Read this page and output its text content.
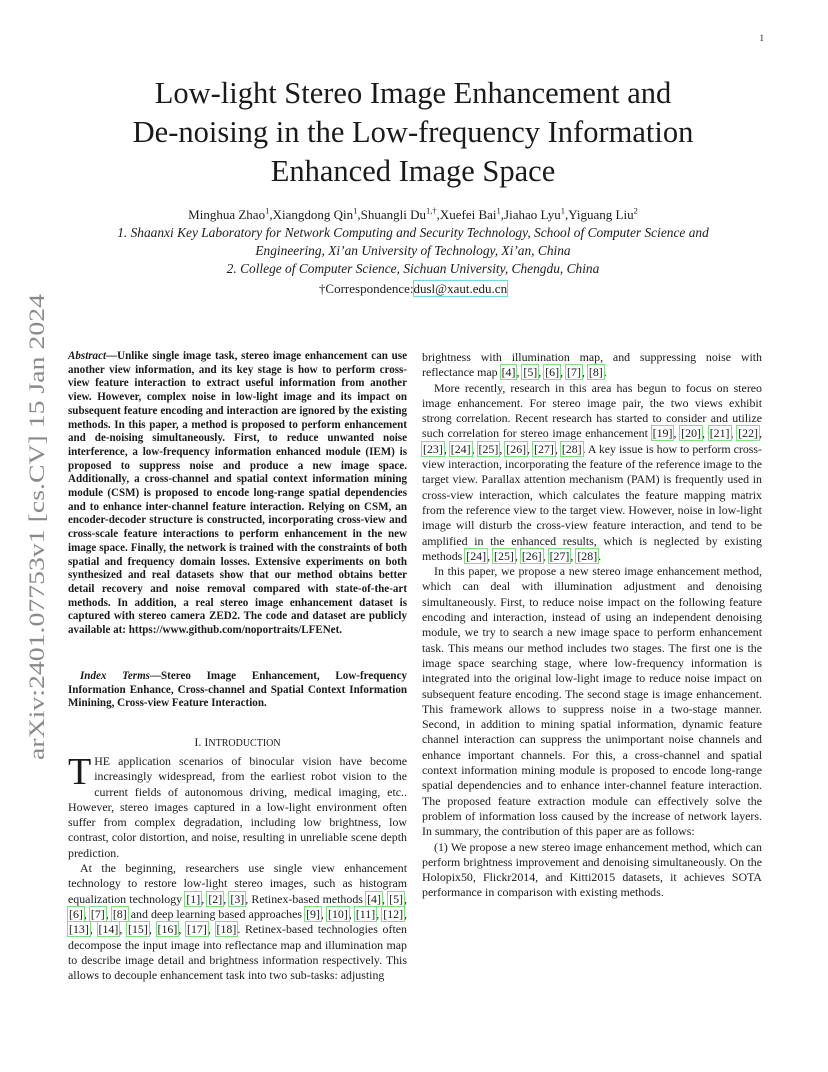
1
arXiv:2401.07753v1 [cs.CV] 15 Jan 2024
Low-light Stereo Image Enhancement and
De-noising in the Low-frequency Information
Enhanced Image Space
Minghua Zhao$^1$,Xiangdong Qin$^1$,Shuangli $Du^{1,\dagger},Xuefei$ Bai$^1$,Jiahao Lyu$^1$,Yiguang Liu$^2$
1. Shaanxi Key Laboratory for Network Computing and Security Technology, School of Computer Science and
Engineering, Xi’an University of Technology, Xi’an, China
2. College of Computer Science, Sichuan University, Chengdu, China
†Correspondence:dusl@xaut.edu.cn

Abstract—Unlike single image task, stereo image enhancement can use another view information, and its key stage is how to perform cross-view feature interaction to extract useful information from another view. However, complex noise in low-light image and its impact on subsequent feature encoding and interaction are ignored by the existing methods. In this paper, a method is proposed to perform enhancement and de-noising simultaneously. First, to reduce unwanted noise interference, a low-frequency information enhanced module (IEM) is proposed to suppress noise and produce a new image space. Additionally, a cross-channel and spatial context information mining module (CSM) is proposed to encode long-range spatial dependencies and to enhance inter-channel feature interaction. Relying on CSM, an encoder-decoder structure is constructed, incorporating cross-view and cross-scale feature interactions to perform enhancement in the new image space. Finally, the network is trained with the constraints of both spatial and frequency domain losses. Extensive experiments on both synthesized and real datasets show that our method obtains better detail recovery and noise removal compared with state-of-the-art methods. In addition, a real stereo image enhancement dataset is captured with stereo camera ZED2. The code and dataset are publicly available at: https://www.github.com/noportraits/LFENet.

Index Terms—Stereo Image Enhancement, Low-frequency Information Enhance, Cross-channel and Spatial Context Information Minining, Cross-view Feature Interaction.

I. INTRODUCTION

THE application scenarios of binocular vision have become increasingly widespread, from the earliest robot vision to the current fields of autonomous driving, medical imaging, etc.. However, stereo images captured in a low-light environment often suffer from complex degradation, including low brightness, low contrast, color distortion, and noise, resulting in unreliable scene depth prediction.

At the beginning, researchers use single view enhancement technology to restore low-light stereo images, such as histogram equalization technology [1], [2], [3], Retinex-based methods [4], [5], [6], [7], [8] and deep learning based approaches [9], [10], [11], [12], [13], [14], [15], [16], [17], [18]. Retinex-based technologies often decompose the input image into reflectance map and illumination map to describe image detail and brightness information respectively. This allows to decouple enhancement task into two sub-tasks: adjusting

brightness with illumination map, and suppressing noise with reflectance map [4], [5], [6], [7], [8].

More recently, research in this area has begun to focus on stereo image enhancement. For stereo image pair, the two views exhibit strong correlation. Recent research has started to consider and utilize such correlation for stereo image enhancement [19], [20], [21], [22], [23], [24], [25], [26], [27], [28]. A key issue is how to perform cross-view interaction, incorporating the feature of the reference image to the target view. Parallax attention mechanism (PAM) is frequently used in cross-view interaction, which calculates the feature mapping matrix from the reference view to the target view. However, noise in low-light image will disturb the cross-view feature interaction, and tend to be amplified in the enhanced results, which is neglected by existing methods [24], [25], [26], [27], [28].

In this paper, we propose a new stereo image enhancement method, which can deal with illumination adjustment and denoising simultaneously. First, to reduce noise impact on the following feature encoding and interaction, instead of using an independent denoising module, we try to search a new image space to perform enhancement task. This means our method includes two stages. The first one is the image space searching stage, where low-frequency information is integrated into the original low-light image to reduce noise impact on subsequent feature encoding. The second stage is image enhancement. This framework allows to suppress noise in a two-stage manner. Second, in addition to mining spatial information, dynamic feature channel interaction can suppress the unimportant noise channels and enhance important channels. For this, a cross-channel and spatial context information mining module is proposed to encode long-range spatial dependencies and to enhance inter-channel feature interaction. The proposed feature extraction module can effectively solve the problem of information loss caused by the increase of network layers. In summary, the contribution of this paper are as follows:

(1) We propose a new stereo image enhancement method, which can perform brightness improvement and denoising simultaneously. On the Holopix50, Flickr2014, and Kitti2015 datasets, it achieves SOTA performance in comparison with existing methods.
